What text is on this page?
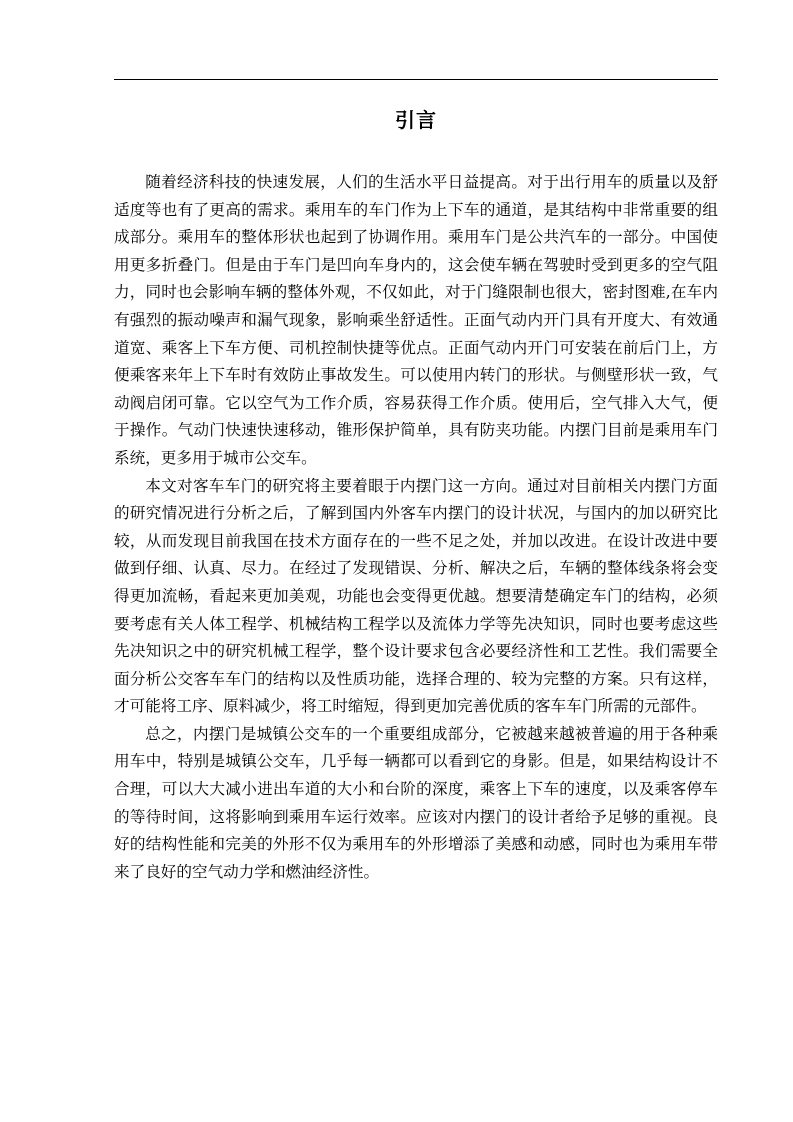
引言

随着经济科技的快速发展，人们的生活水平日益提高。对于出行用车的质量以及舒适度等也有了更高的需求。乘用车的车门作为上下车的通道，是其结构中非常重要的组成部分。乘用车的整体形状也起到了协调作用。乘用车门是公共汽车的一部分。中国使用更多折叠门。但是由于车门是凹向车身内的，这会使车辆在驾驶时受到更多的空气阻力，同时也会影响车辆的整体外观，不仅如此，对于门缝限制也很大，密封图难,在车内有强烈的振动噪声和漏气现象，影响乘坐舒适性。正面气动内开门具有开度大、有效通道宽、乘客上下车方便、司机控制快捷等优点。正面气动内开门可安装在前后门上，方便乘客来年上下车时有效防止事故发生。可以使用内转门的形状。与侧壁形状一致，气动阀启闭可靠。它以空气为工作介质，容易获得工作介质。使用后，空气排入大气，便于操作。气动门快速快速移动，锥形保护简单，具有防夹功能。内摆门目前是乘用车门系统，更多用于城市公交车。

本文对客车车门的研究将主要着眼于内摆门这一方向。通过对目前相关内摆门方面的研究情况进行分析之后，了解到国内外客车内摆门的设计状况，与国内的加以研究比较，从而发现目前我国在技术方面存在的一些不足之处，并加以改进。在设计改进中要做到仔细、认真、尽力。在经过了发现错误、分析、解决之后，车辆的整体线条将会变得更加流畅，看起来更加美观，功能也会变得更优越。想要清楚确定车门的结构，必须要考虑有关人体工程学、机械结构工程学以及流体力学等先决知识，同时也要考虑这些先决知识之中的研究机械工程学，整个设计要求包含必要经济性和工艺性。我们需要全面分析公交客车车门的结构以及性质功能，选择合理的、较为完整的方案。只有这样，才可能将工序、原料减少，将工时缩短，得到更加完善优质的客车车门所需的元部件。

总之，内摆门是城镇公交车的一个重要组成部分，它被越来越被普遍的用于各种乘用车中，特别是城镇公交车，几乎每一辆都可以看到它的身影。但是，如果结构设计不合理，可以大大减小进出车道的大小和台阶的深度，乘客上下车的速度，以及乘客停车的等待时间，这将影响到乘用车运行效率。应该对内摆门的设计者给予足够的重视。良好的结构性能和完美的外形不仅为乘用车的外形增添了美感和动感，同时也为乘用车带来了良好的空气动力学和燃油经济性。
